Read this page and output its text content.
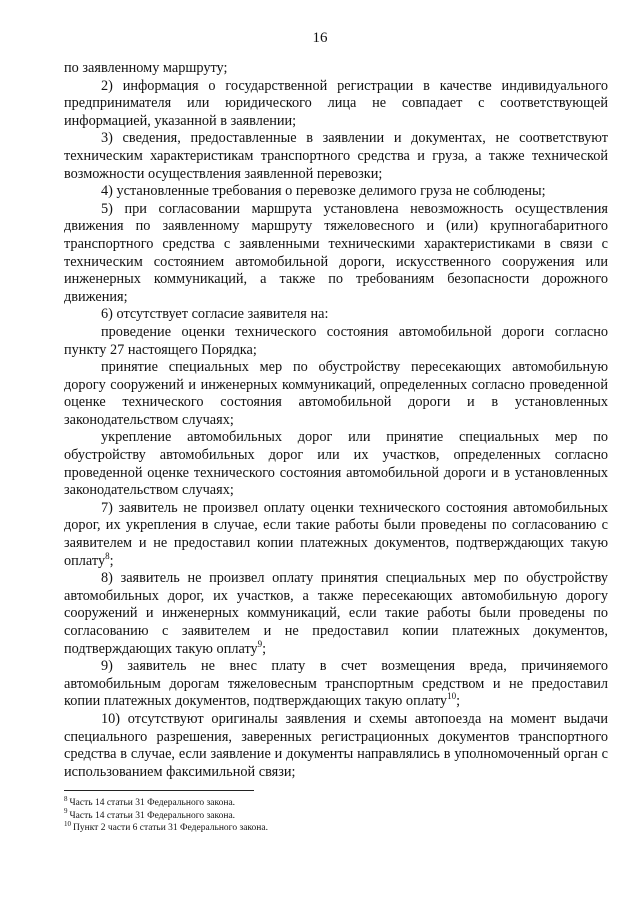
16

по заявленному маршруту;

2) информация о государственной регистрации в качестве индивидуального предпринимателя или юридического лица не совпадает с соответствующей информацией, указанной в заявлении;

3) сведения, предоставленные в заявлении и документах, не соответствуют техническим характеристикам транспортного средства и груза, а также технической возможности осуществления заявленной перевозки;

4) установленные требования о перевозке делимого груза не соблюдены;

5) при согласовании маршрута установлена невозможность осуществления движения по заявленному маршруту тяжеловесного и (или) крупногабаритного транспортного средства с заявленными техническими характеристиками в связи с техническим состоянием автомобильной дороги, искусственного сооружения или инженерных коммуникаций, а также по требованиям безопасности дорожного движения;

6) отсутствует согласие заявителя на:

проведение оценки технического состояния автомобильной дороги согласно пункту 27 настоящего Порядка;

принятие специальных мер по обустройству пересекающих автомобильную дорогу сооружений и инженерных коммуникаций, определенных согласно проведенной оценке технического состояния автомобильной дороги и в установленных законодательством случаях;

укрепление автомобильных дорог или принятие специальных мер по обустройству автомобильных дорог или их участков, определенных согласно проведенной оценке технического состояния автомобильной дороги и в установленных законодательством случаях;

7) заявитель не произвел оплату оценки технического состояния автомобильных дорог, их укрепления в случае, если такие работы были проведены по согласованию с заявителем и не предоставил копии платежных документов, подтверждающих такую оплату$^8$;

8) заявитель не произвел оплату принятия специальных мер по обустройству автомобильных дорог, их участков, а также пересекающих автомобильную дорогу сооружений и инженерных коммуникаций, если такие работы были проведены по согласованию с заявителем и не предоставил копии платежных документов, подтверждающих такую оплату$^9$;

9) заявитель не внес плату в счет возмещения вреда, причиняемого автомобильным дорогам тяжеловесным транспортным средством и не предоставил копии платежных документов, подтверждающих такую оплату$^{10}$;

10) отсутствуют оригиналы заявления и схемы автопоезда на момент выдачи специального разрешения, заверенных регистрационных документов транспортного средства в случае, если заявление и документы направлялись в уполномоченный орган с использованием факсимильной связи;

$^8$ Часть 14 статьи 31 Федерального закона.
$^9$ Часть 14 статьи 31 Федерального закона.
$^{10}$ Пункт 2 части 6 статьи 31 Федерального закона.
